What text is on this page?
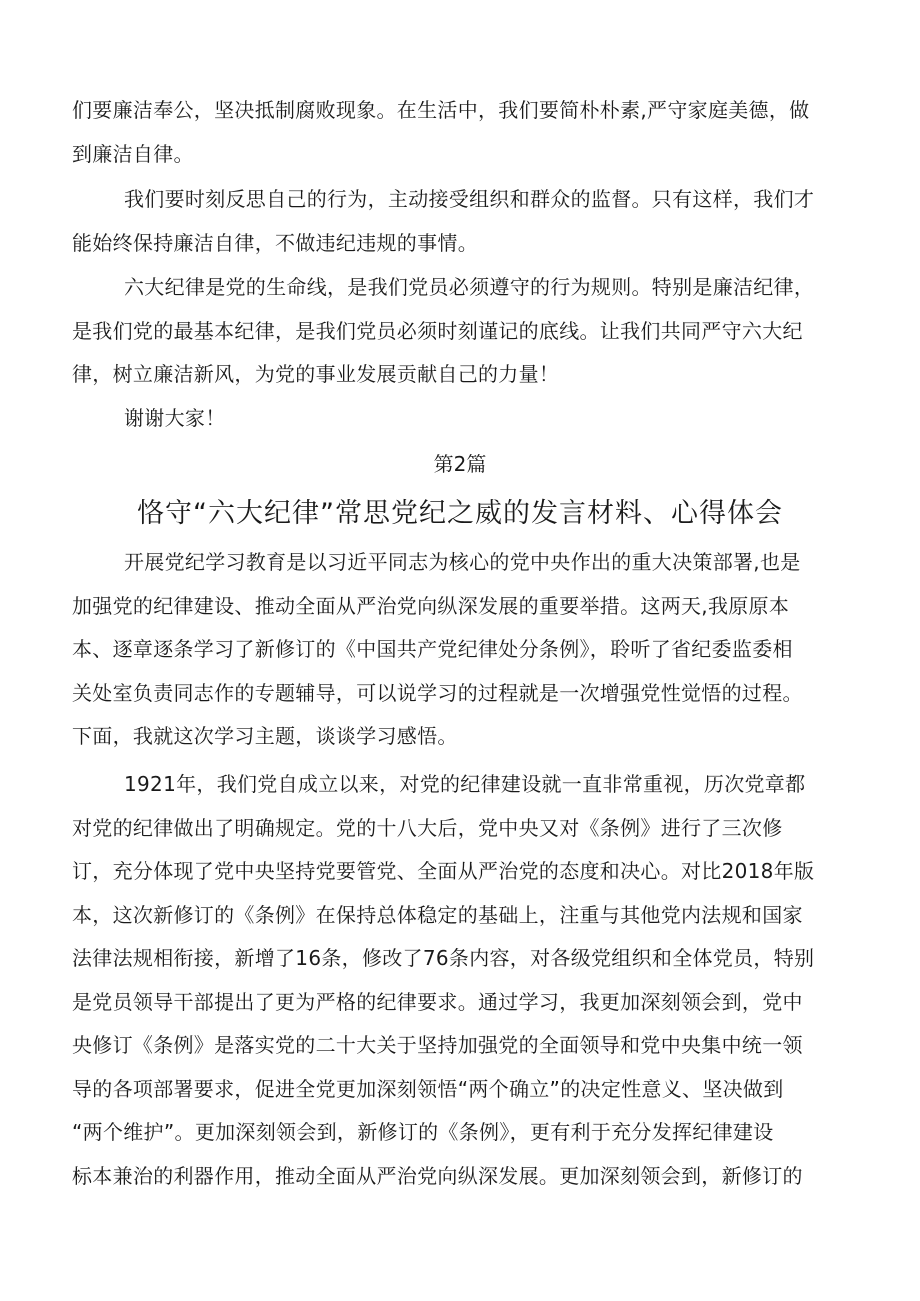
们要廉洁奉公，坚决抵制腐败现象。在生活中，我们要简朴朴素,严守家庭美德，做
到廉洁自律。

我们要时刻反思自己的行为，主动接受组织和群众的监督。只有这样，我们才
能始终保持廉洁自律，不做违纪违规的事情。

六大纪律是党的生命线，是我们党员必须遵守的行为规则。特别是廉洁纪律，
是我们党的最基本纪律，是我们党员必须时刻谨记的底线。让我们共同严守六大纪
律，树立廉洁新风，为党的事业发展贡献自己的力量！

谢谢大家！

第2篇

恪守“六大纪律”常思党纪之威的发言材料、心得体会

开展党纪学习教育是以习近平同志为核心的党中央作出的重大决策部署,也是
加强党的纪律建设、推动全面从严治党向纵深发展的重要举措。这两天,我原原本
本、逐章逐条学习了新修订的《中国共产党纪律处分条例》，聆听了省纪委监委相
关处室负责同志作的专题辅导，可以说学习的过程就是一次增强党性觉悟的过程。
下面，我就这次学习主题，谈谈学习感悟。

1921年，我们党自成立以来，对党的纪律建设就一直非常重视，历次党章都
对党的纪律做出了明确规定。党的十八大后，党中央又对《条例》进行了三次修
订，充分体现了党中央坚持党要管党、全面从严治党的态度和决心。对比2018年版
本，这次新修订的《条例》在保持总体稳定的基础上，注重与其他党内法规和国家
法律法规相衔接，新增了16条，修改了76条内容，对各级党组织和全体党员，特别
是党员领导干部提出了更为严格的纪律要求。通过学习，我更加深刻领会到，党中
央修订《条例》是落实党的二十大关于坚持加强党的全面领导和党中央集中统一领
导的各项部署要求，促进全党更加深刻领悟“两个确立”的决定性意义、坚决做到
“两个维护”。更加深刻领会到，新修订的《条例》，更有利于充分发挥纪律建设
标本兼治的利器作用，推动全面从严治党向纵深发展。更加深刻领会到，新修订的
